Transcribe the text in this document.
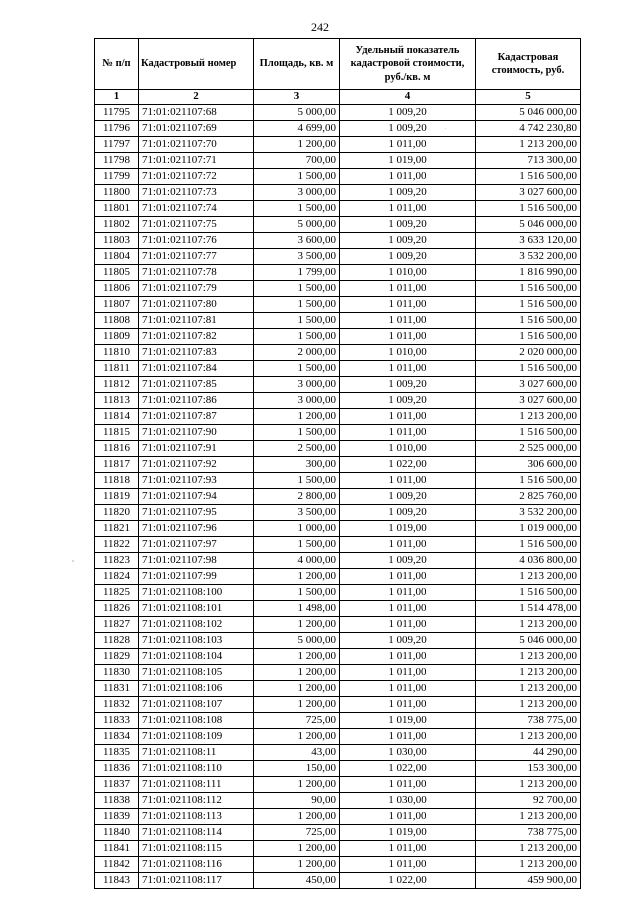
242
№ п/п	Кадастровый номер	Площадь, кв. м	Удельный показатель кадастровой стоимости, руб./кв. м	Кадастровая стоимость, руб.
1	2	3	4	5
11795	71:01:021107:68	5 000,00	1 009,20	5 046 000,00
11796	71:01:021107:69	4 699,00	1 009,20	4 742 230,80
11797	71:01:021107:70	1 200,00	1 011,00	1 213 200,00
11798	71:01:021107:71	700,00	1 019,00	713 300,00
11799	71:01:021107:72	1 500,00	1 011,00	1 516 500,00
11800	71:01:021107:73	3 000,00	1 009,20	3 027 600,00
11801	71:01:021107:74	1 500,00	1 011,00	1 516 500,00
11802	71:01:021107:75	5 000,00	1 009,20	5 046 000,00
11803	71:01:021107:76	3 600,00	1 009,20	3 633 120,00
11804	71:01:021107:77	3 500,00	1 009,20	3 532 200,00
11805	71:01:021107:78	1 799,00	1 010,00	1 816 990,00
11806	71:01:021107:79	1 500,00	1 011,00	1 516 500,00
11807	71:01:021107:80	1 500,00	1 011,00	1 516 500,00
11808	71:01:021107:81	1 500,00	1 011,00	1 516 500,00
11809	71:01:021107:82	1 500,00	1 011,00	1 516 500,00
11810	71:01:021107:83	2 000,00	1 010,00	2 020 000,00
11811	71:01:021107:84	1 500,00	1 011,00	1 516 500,00
11812	71:01:021107:85	3 000,00	1 009,20	3 027 600,00
11813	71:01:021107:86	3 000,00	1 009,20	3 027 600,00
11814	71:01:021107:87	1 200,00	1 011,00	1 213 200,00
11815	71:01:021107:90	1 500,00	1 011,00	1 516 500,00
11816	71:01:021107:91	2 500,00	1 010,00	2 525 000,00
11817	71:01:021107:92	300,00	1 022,00	306 600,00
11818	71:01:021107:93	1 500,00	1 011,00	1 516 500,00
11819	71:01:021107:94	2 800,00	1 009,20	2 825 760,00
11820	71:01:021107:95	3 500,00	1 009,20	3 532 200,00
11821	71:01:021107:96	1 000,00	1 019,00	1 019 000,00
11822	71:01:021107:97	1 500,00	1 011,00	1 516 500,00
11823	71:01:021107:98	4 000,00	1 009,20	4 036 800,00
11824	71:01:021107:99	1 200,00	1 011,00	1 213 200,00
11825	71:01:021108:100	1 500,00	1 011,00	1 516 500,00
11826	71:01:021108:101	1 498,00	1 011,00	1 514 478,00
11827	71:01:021108:102	1 200,00	1 011,00	1 213 200,00
11828	71:01:021108:103	5 000,00	1 009,20	5 046 000,00
11829	71:01:021108:104	1 200,00	1 011,00	1 213 200,00
11830	71:01:021108:105	1 200,00	1 011,00	1 213 200,00
11831	71:01:021108:106	1 200,00	1 011,00	1 213 200,00
11832	71:01:021108:107	1 200,00	1 011,00	1 213 200,00
11833	71:01:021108:108	725,00	1 019,00	738 775,00
11834	71:01:021108:109	1 200,00	1 011,00	1 213 200,00
11835	71:01:021108:11	43,00	1 030,00	44 290,00
11836	71:01:021108:110	150,00	1 022,00	153 300,00
11837	71:01:021108:111	1 200,00	1 011,00	1 213 200,00
11838	71:01:021108:112	90,00	1 030,00	92 700,00
11839	71:01:021108:113	1 200,00	1 011,00	1 213 200,00
11840	71:01:021108:114	725,00	1 019,00	738 775,00
11841	71:01:021108:115	1 200,00	1 011,00	1 213 200,00
11842	71:01:021108:116	1 200,00	1 011,00	1 213 200,00
11843	71:01:021108:117	450,00	1 022,00	459 900,00
